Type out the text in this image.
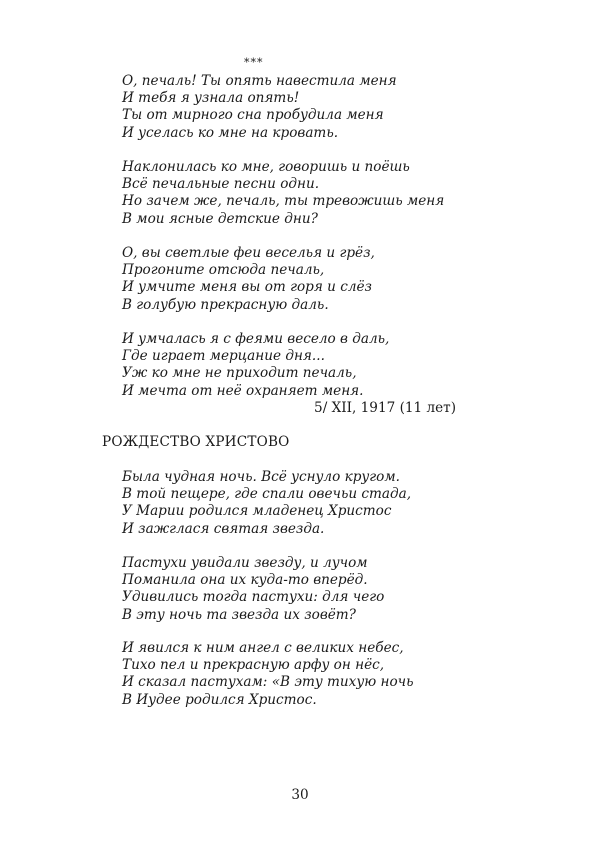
***

О, печаль! Ты опять навестила меня
И тебя я узнала опять!
Ты от мирного сна пробудила меня
И уселась ко мне на кровать.

Наклонилась ко мне, говоришь и поёшь
Всё печальные песни одни.
Но зачем же, печаль, ты тревожишь меня
В мои ясные детские дни?

О, вы светлые феи веселья и грёз,
Прогоните отсюда печаль,
И умчите меня вы от горя и слёз
В голубую прекрасную даль.

И умчалась я с феями весело в даль,
Где играет мерцание дня...
Уж ко мне не приходит печаль,
И мечта от неё охраняет меня.

5/ XII, 1917 (11 лет)
РОЖДЕСТВО ХРИСТОВО

Была чудная ночь. Всё уснуло кругом.
В той пещере, где спали овечьи стада,
У Марии родился младенец Христос
И зажглася святая звезда.

Пастухи увидали звезду, и лучом
Поманила она их куда-то вперёд.
Удивились тогда пастухи: для чего
В эту ночь та звезда их зовёт?

И явился к ним ангел с великих небес,
Тихо пел и прекрасную арфу он нёс,
И сказал пастухам: «В эту тихую ночь
В Иудее родился Христос.

30
